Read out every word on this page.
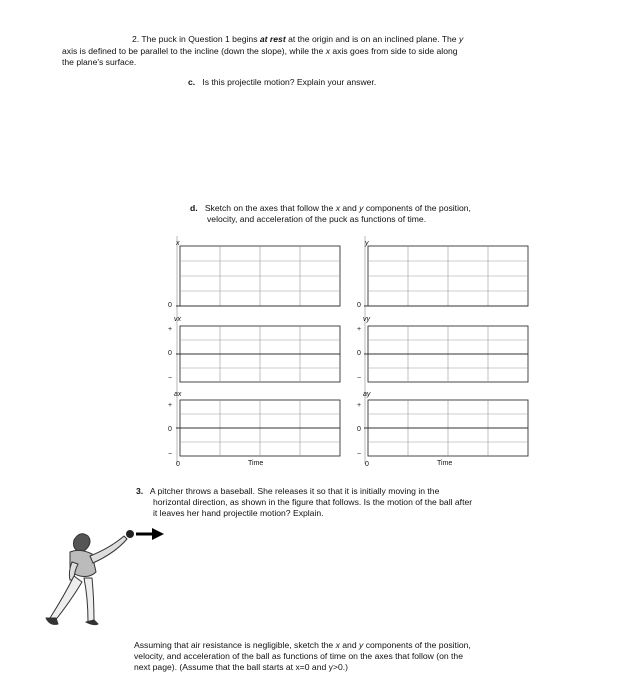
2. The puck in Question 1 begins at rest at the origin and is on an inclined plane. The y
axis is defined to be parallel to the incline (down the slope), while the x axis goes from side to side along
the plane's surface.
c. Is this projectile motion? Explain your answer.
d. Sketch on the axes that follow the x and y components of the position,
velocity, and acceleration of the puck as functions of time.
x
vx
ax
0
+
0
−
+
0
−
0	Time
y
vy
ay
0
+
0
−
+
0
−
0	Time
3. A pitcher throws a baseball. She releases it so that it is initially moving in the
horizontal direction, as shown in the figure that follows. Is the motion of the ball after
it leaves her hand projectile motion? Explain.
Assuming that air resistance is negligible, sketch the x and y components of the position,
velocity, and acceleration of the ball as functions of time on the axes that follow (on the
next page). (Assume that the ball starts at x=0 and y>0.)
